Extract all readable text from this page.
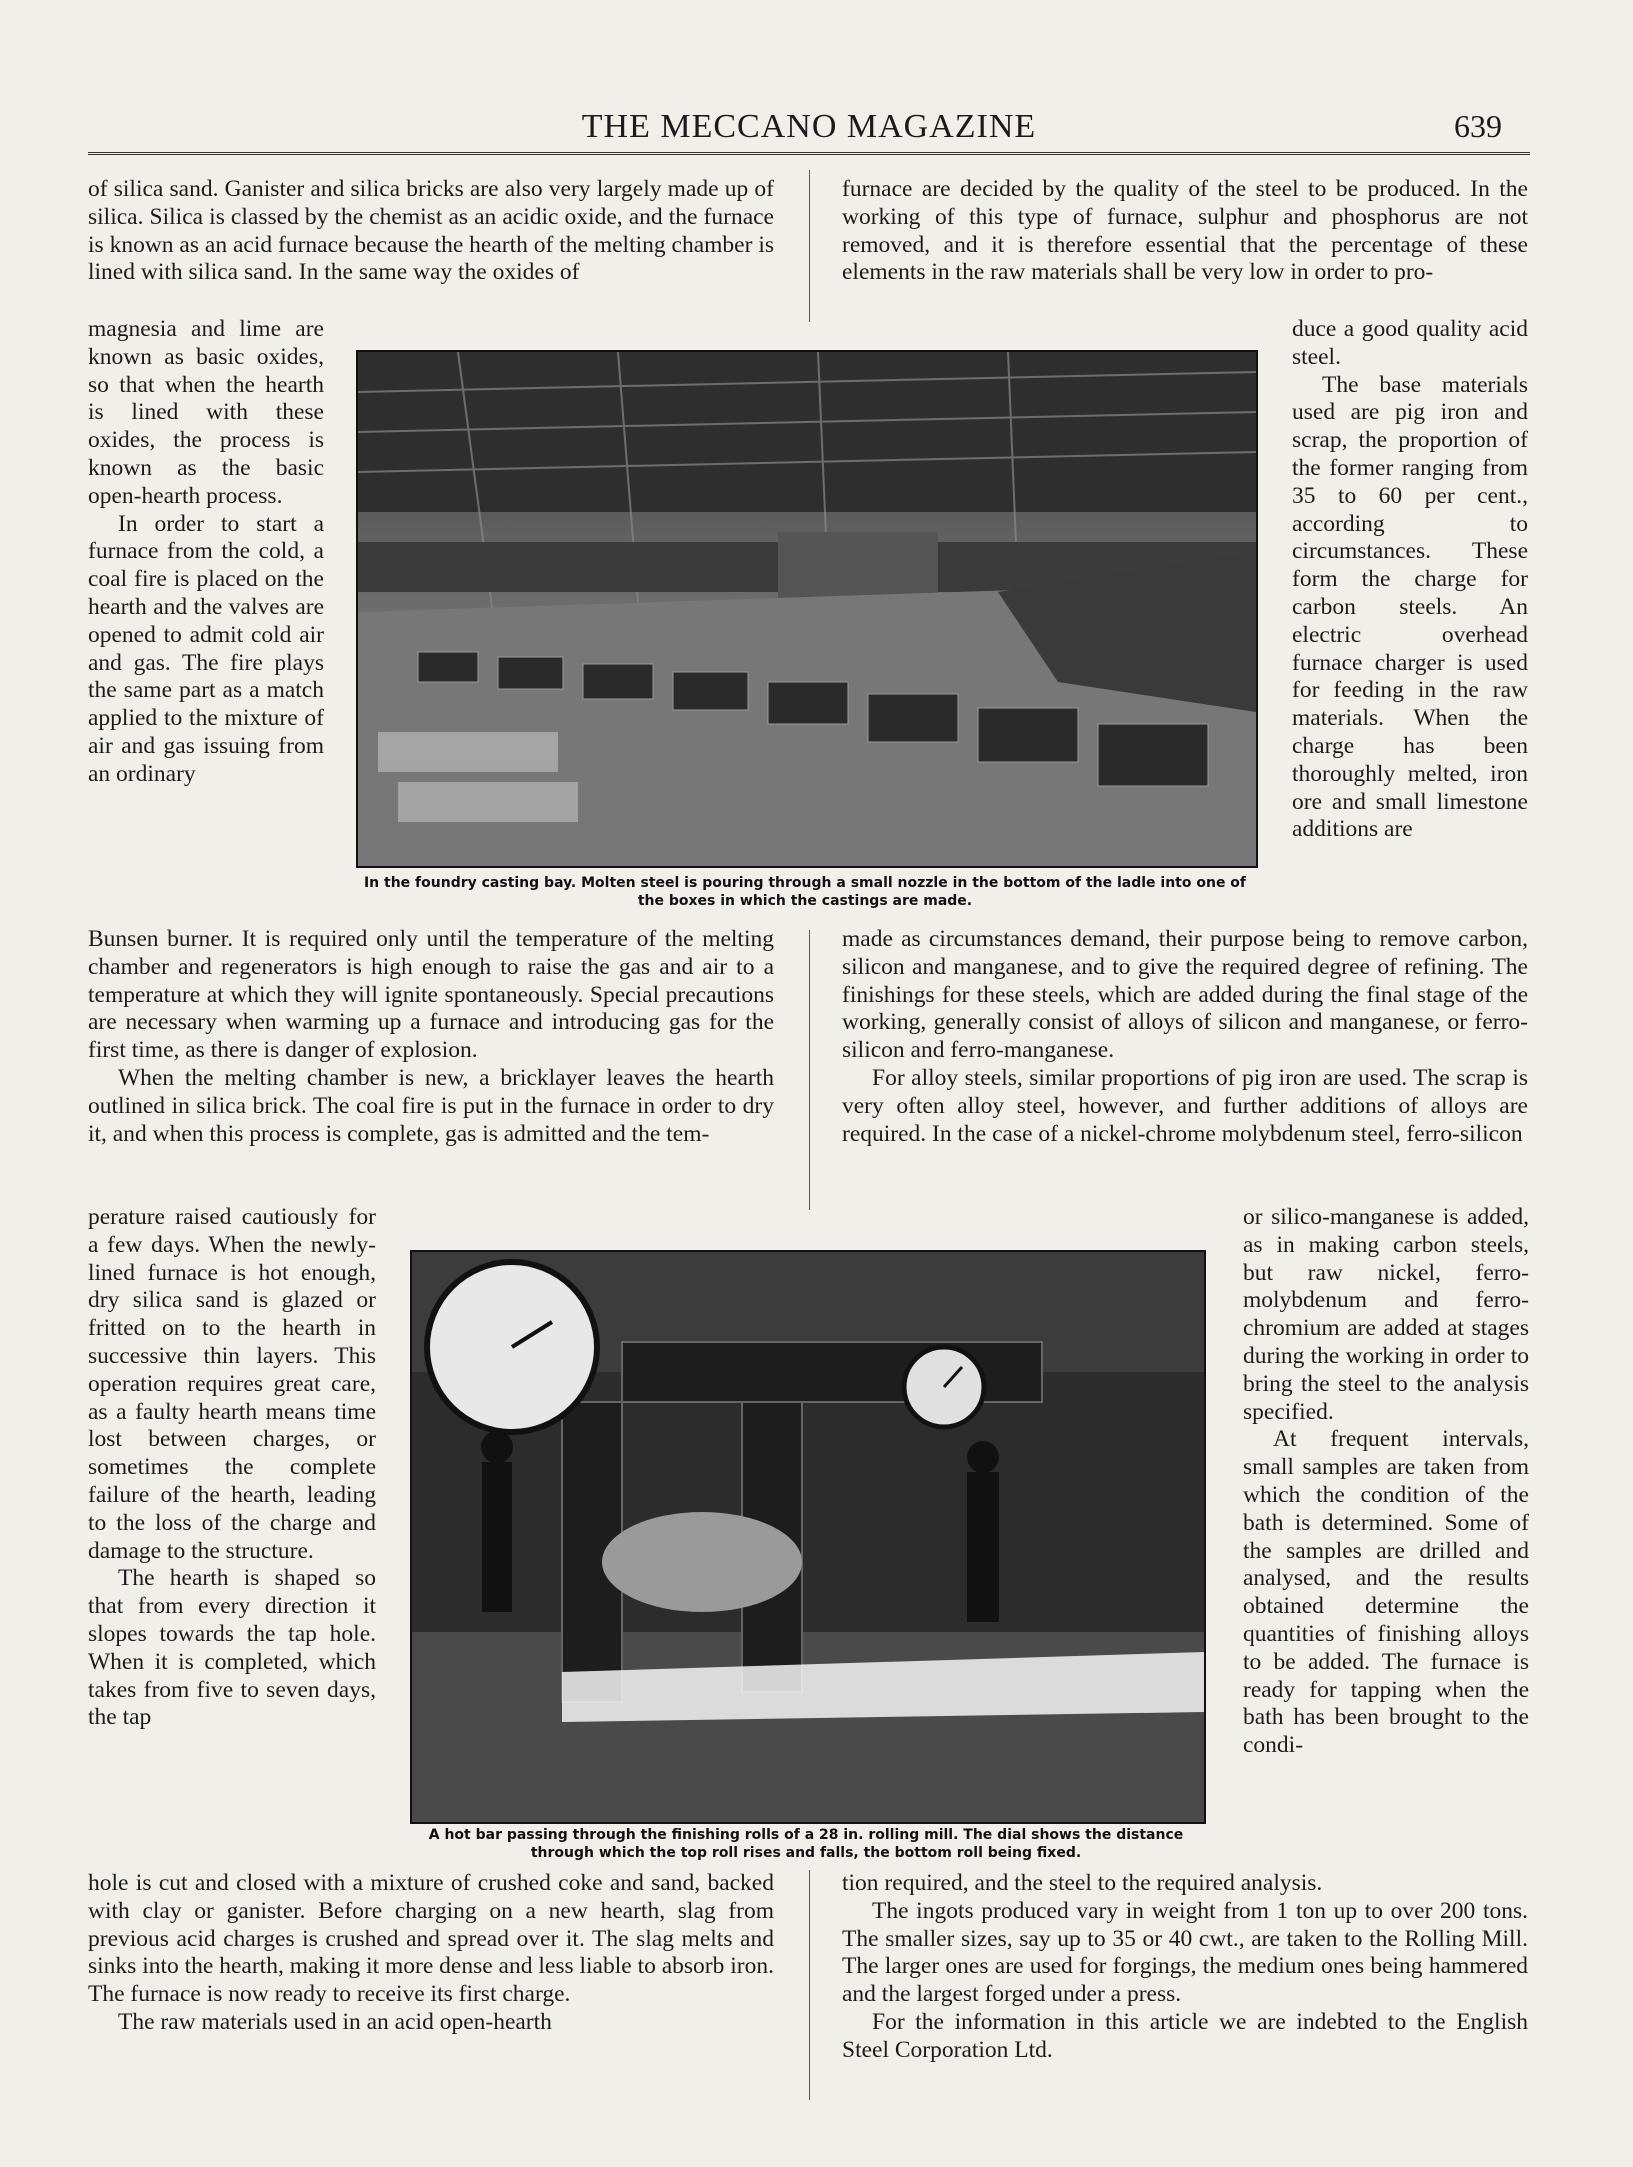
THE MECCANO MAGAZINE	639

of silica sand. Ganister and silica bricks are also very largely made up of silica. Silica is classed by the chemist as an acidic oxide, and the furnace is known as an acid furnace because the hearth of the melting chamber is lined with silica sand. In the same way the oxides of

magnesia and lime are known as basic oxides, so that when the hearth is lined with these oxides, the process is known as the basic open-hearth process.

In order to start a furnace from the cold, a coal fire is placed on the hearth and the valves are opened to admit cold air and gas. The fire plays the same part as a match applied to the mixture of air and gas issuing from an ordinary

Bunsen burner. It is required only until the temperature of the melting chamber and regenerators is high enough to raise the gas and air to a temperature at which they will ignite spontaneously. Special precautions are necessary when warming up a furnace and introducing gas for the first time, as there is danger of explosion.

When the melting chamber is new, a bricklayer leaves the hearth outlined in silica brick. The coal fire is put in the furnace in order to dry it, and when this process is complete, gas is admitted and the tem-

perature raised cautiously for a few days. When the newly-lined furnace is hot enough, dry silica sand is glazed or fritted on to the hearth in successive thin layers. This operation requires great care, as a faulty hearth means time lost between charges, or sometimes the complete failure of the hearth, leading to the loss of the charge and damage to the structure.

The hearth is shaped so that from every direction it slopes towards the tap hole. When it is completed, which takes from five to seven days, the tap

hole is cut and closed with a mixture of crushed coke and sand, backed with clay or ganister. Before charging on a new hearth, slag from previous acid charges is crushed and spread over it. The slag melts and sinks into the hearth, making it more dense and less liable to absorb iron. The furnace is now ready to receive its first charge.

The raw materials used in an acid open-hearth

furnace are decided by the quality of the steel to be produced. In the working of this type of furnace, sulphur and phosphorus are not removed, and it is therefore essential that the percentage of these elements in the raw materials shall be very low in order to pro-

duce a good quality acid steel.

The base materials used are pig iron and scrap, the proportion of the former ranging from 35 to 60 per cent., according to circumstances. These form the charge for carbon steels. An electric overhead furnace charger is used for feeding in the raw materials. When the charge has been thoroughly melted, iron ore and small limestone additions are

made as circumstances demand, their purpose being to remove carbon, silicon and manganese, and to give the required degree of refining. The finishings for these steels, which are added during the final stage of the working, generally consist of alloys of silicon and manganese, or ferro-silicon and ferro-manganese.

For alloy steels, similar proportions of pig iron are used. The scrap is very often alloy steel, however, and further additions of alloys are required. In the case of a nickel-chrome molybdenum steel, ferro-silicon

or silico-manganese is added, as in making carbon steels, but raw nickel, ferro-molybdenum and ferro-chromium are added at stages during the working in order to bring the steel to the analysis specified.

At frequent intervals, small samples are taken from which the condition of the bath is determined. Some of the samples are drilled and analysed, and the results obtained determine the quantities of finishing alloys to be added. The furnace is ready for tapping when the bath has been brought to the condi-

tion required, and the steel to the required analysis.

The ingots produced vary in weight from 1 ton up to over 200 tons. The smaller sizes, say up to 35 or 40 cwt., are taken to the Rolling Mill. The larger ones are used for forgings, the medium ones being hammered and the largest forged under a press.

For the information in this article we are indebted to the English Steel Corporation Ltd.

In the foundry casting bay. Molten steel is pouring through a small nozzle in the bottom of the ladle into one of the boxes in which the castings are made.
A hot bar passing through the finishing rolls of a 28 in. rolling mill. The dial shows the distance through which the top roll rises and falls, the bottom roll being fixed.
